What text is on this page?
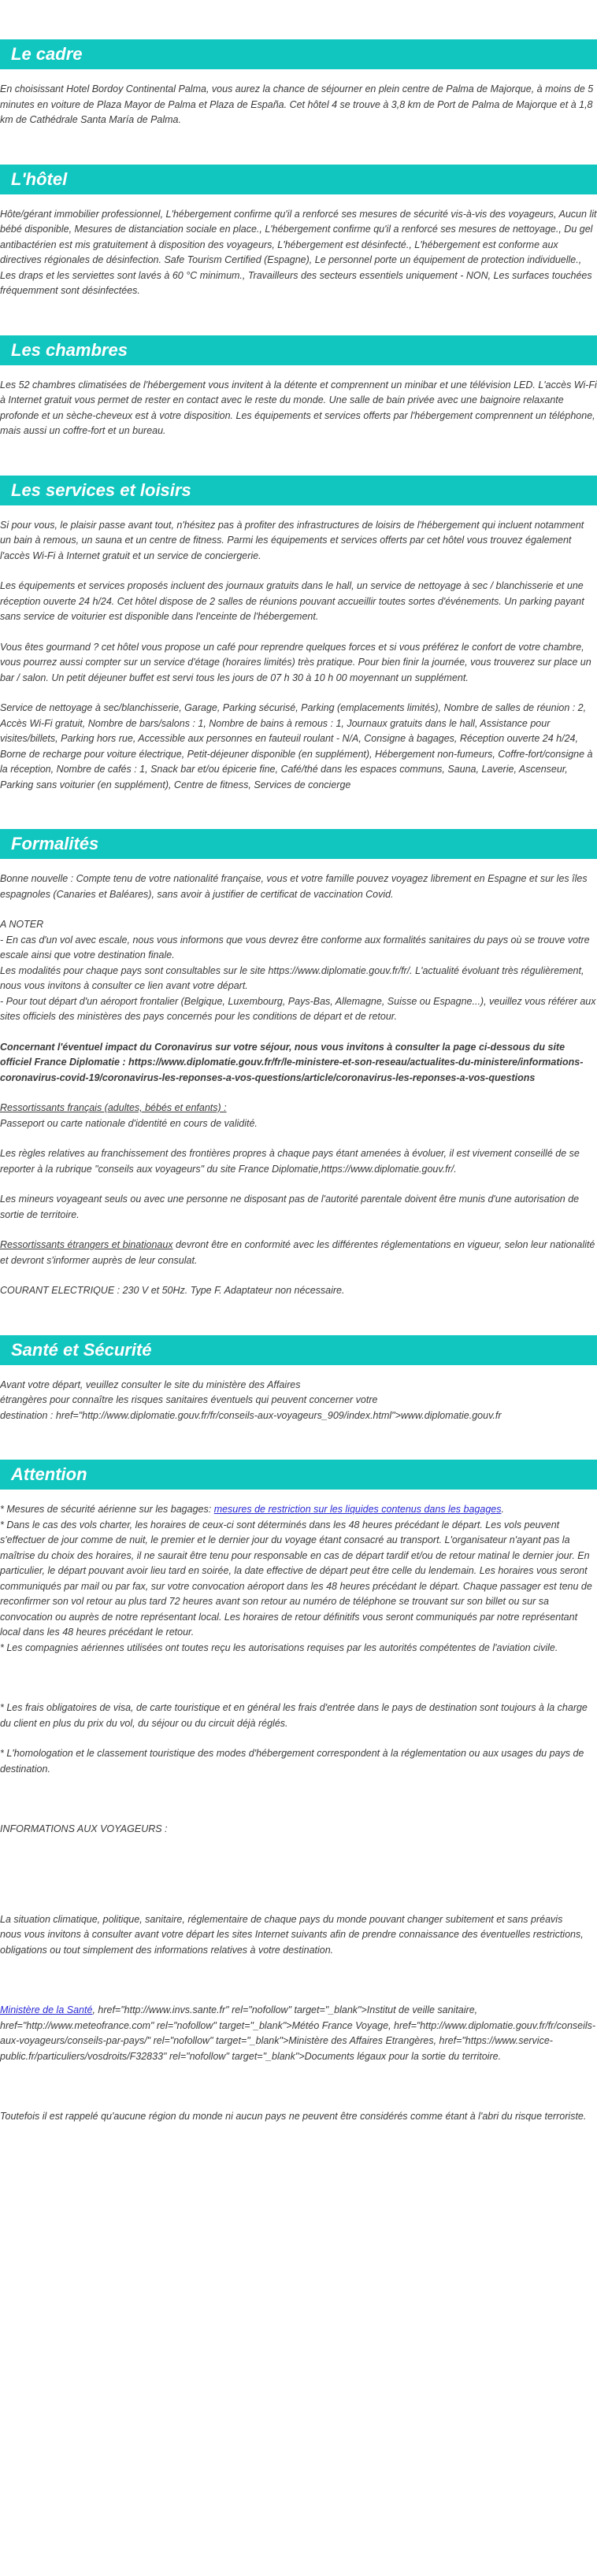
Le cadre

En choisissant Hotel Bordoy Continental Palma, vous aurez la chance de séjourner en plein centre de Palma de Majorque, à moins de 5 minutes en voiture de Plaza Mayor de Palma et Plaza de España. Cet hôtel 4 se trouve à 3,8 km de Port de Palma de Majorque et à 1,8 km de Cathédrale Santa María de Palma.

L'hôtel

Hôte/gérant immobilier professionnel, L'hébergement confirme qu'il a renforcé ses mesures de sécurité vis-à-vis des voyageurs, Aucun lit bébé disponible, Mesures de distanciation sociale en place., L'hébergement confirme qu'il a renforcé ses mesures de nettoyage., Du gel antibactérien est mis gratuitement à disposition des voyageurs, L'hébergement est désinfecté., L'hébergement est conforme aux directives régionales de désinfection. Safe Tourism Certified (Espagne), Le personnel porte un équipement de protection individuelle., Les draps et les serviettes sont lavés à 60 °C minimum., Travailleurs des secteurs essentiels uniquement - NON, Les surfaces touchées fréquemment sont désinfectées.

Les chambres

Les 52 chambres climatisées de l'hébergement vous invitent à la détente et comprennent un minibar et une télévision LED. L'accès Wi-Fi à Internet gratuit vous permet de rester en contact avec le reste du monde. Une salle de bain privée avec une baignoire relaxante profonde et un sèche-cheveux est à votre disposition. Les équipements et services offerts par l'hébergement comprennent un téléphone, mais aussi un coffre-fort et un bureau.

Les services et loisirs

Si pour vous, le plaisir passe avant tout, n'hésitez pas à profiter des infrastructures de loisirs de l'hébergement qui incluent notamment un bain à remous, un sauna et un centre de fitness. Parmi les équipements et services offerts par cet hôtel vous trouvez également l'accès Wi-Fi à Internet gratuit et un service de conciergerie.

Les équipements et services proposés incluent des journaux gratuits dans le hall, un service de nettoyage à sec / blanchisserie et une réception ouverte 24 h/24. Cet hôtel dispose de 2 salles de réunions pouvant accueillir toutes sortes d'événements. Un parking payant sans service de voiturier est disponible dans l'enceinte de l'hébergement.

Vous êtes gourmand ? cet hôtel vous propose un café pour reprendre quelques forces et si vous préférez le confort de votre chambre, vous pourrez aussi compter sur un service d'étage (horaires limités) très pratique. Pour bien finir la journée, vous trouverez sur place un bar / salon. Un petit déjeuner buffet est servi tous les jours de 07 h 30 à 10 h 00 moyennant un supplément.

Service de nettoyage à sec/blanchisserie, Garage, Parking sécurisé, Parking (emplacements limités), Nombre de salles de réunion : 2, Accès Wi-Fi gratuit, Nombre de bars/salons : 1, Nombre de bains à remous : 1, Journaux gratuits dans le hall, Assistance pour visites/billets, Parking hors rue, Accessible aux personnes en fauteuil roulant - N/A, Consigne à bagages, Réception ouverte 24 h/24, Borne de recharge pour voiture électrique, Petit-déjeuner disponible (en supplément), Hébergement non-fumeurs, Coffre-fort/consigne à la réception, Nombre de cafés : 1, Snack bar et/ou épicerie fine, Café/thé dans les espaces communs, Sauna, Laverie, Ascenseur, Parking sans voiturier (en supplément), Centre de fitness, Services de concierge

Formalités

Bonne nouvelle : Compte tenu de votre nationalité française, vous et votre famille pouvez voyagez librement en Espagne et sur les îles espagnoles (Canaries et Baléares), sans avoir à justifier de certificat de vaccination Covid.

A NOTER
- En cas d'un vol avec escale, nous vous informons que vous devrez être conforme aux formalités sanitaires du pays où se trouve votre escale ainsi que votre destination finale.
Les modalités pour chaque pays sont consultables sur le site https://www.diplomatie.gouv.fr/fr/. L'actualité évoluant très régulièrement, nous vous invitons à consulter ce lien avant votre départ.
- Pour tout départ d'un aéroport frontalier (Belgique, Luxembourg, Pays-Bas, Allemagne, Suisse ou Espagne...), veuillez vous référer aux sites officiels des ministères des pays concernés pour les conditions de départ et de retour.

Concernant l'éventuel impact du Coronavirus sur votre séjour, nous vous invitons à consulter la page ci-dessous du site officiel France Diplomatie : https://www.diplomatie.gouv.fr/fr/le-ministere-et-son-reseau/actualites-du-ministere/informations-coronavirus-covid-19/coronavirus-les-reponses-a-vos-questions/article/coronavirus-les-reponses-a-vos-questions

Ressortissants français (adultes, bébés et enfants) :
Passeport ou carte nationale d'identité en cours de validité.

Les règles relatives au franchissement des frontières propres à chaque pays étant amenées à évoluer, il est vivement conseillé de se reporter à la rubrique "conseils aux voyageurs" du site France Diplomatie,https://www.diplomatie.gouv.fr/.

Les mineurs voyageant seuls ou avec une personne ne disposant pas de l'autorité parentale doivent être munis d'une autorisation de sortie de territoire.

Ressortissants étrangers et binationaux devront être en conformité avec les différentes réglementations en vigueur, selon leur nationalité et devront s'informer auprès de leur consulat.

COURANT ELECTRIQUE : 230 V et 50Hz. Type F. Adaptateur non nécessaire.

Santé et Sécurité

Avant votre départ, veuillez consulter le site du ministère des Affaires
étrangères pour connaître les risques sanitaires éventuels qui peuvent concerner votre
destination : href="http://www.diplomatie.gouv.fr/fr/conseils-aux-voyageurs_909/index.html">www.diplomatie.gouv.fr

Attention

* Mesures de sécurité aérienne sur les bagages: mesures de restriction sur les liquides contenus dans les bagages.
* Dans le cas des vols charter, les horaires de ceux-ci sont déterminés dans les 48 heures précédant le départ. Les vols peuvent s'effectuer de jour comme de nuit, le premier et le dernier jour du voyage étant consacré au transport. L'organisateur n'ayant pas la maîtrise du choix des horaires, il ne saurait être tenu pour responsable en cas de départ tardif et/ou de retour matinal le dernier jour. En particulier, le départ pouvant avoir lieu tard en soirée, la date effective de départ peut être celle du lendemain. Les horaires vous seront communiqués par mail ou par fax, sur votre convocation aéroport dans les 48 heures précédant le départ. Chaque passager est tenu de reconfirmer son vol retour au plus tard 72 heures avant son retour au numéro de téléphone se trouvant sur son billet ou sur sa convocation ou auprès de notre représentant local. Les horaires de retour définitifs vous seront communiqués par notre représentant local dans les 48 heures précédant le retour.
* Les compagnies aériennes utilisées ont toutes reçu les autorisations requises par les autorités compétentes de l'aviation civile.

* Les frais obligatoires de visa, de carte touristique et en général les frais d'entrée dans le pays de destination sont toujours à la charge du client en plus du prix du vol, du séjour ou du circuit déjà réglés.

* L'homologation et le classement touristique des modes d'hébergement correspondent à la réglementation ou aux usages du pays de destination.

INFORMATIONS AUX VOYAGEURS :

La situation climatique, politique, sanitaire, réglementaire de chaque pays du monde pouvant changer subitement et sans préavis
nous vous invitons à consulter avant votre départ les sites Internet suivants afin de prendre connaissance des éventuelles restrictions, obligations ou tout simplement des informations relatives à votre destination.

Ministère de la Santé, href="http://www.invs.sante.fr" rel="nofollow" target="_blank">Institut de veille sanitaire, href="http://www.meteofrance.com" rel="nofollow" target="_blank">Météo France Voyage, href="http://www.diplomatie.gouv.fr/fr/conseils-aux-voyageurs/conseils-par-pays/" rel="nofollow" target="_blank">Ministère des Affaires Etrangères, href="https://www.service-public.fr/particuliers/vosdroits/F32833" rel="nofollow" target="_blank">Documents légaux pour la sortie du territoire.

Toutefois il est rappelé qu'aucune région du monde ni aucun pays ne peuvent être considérés comme étant à l'abri du risque terroriste.
